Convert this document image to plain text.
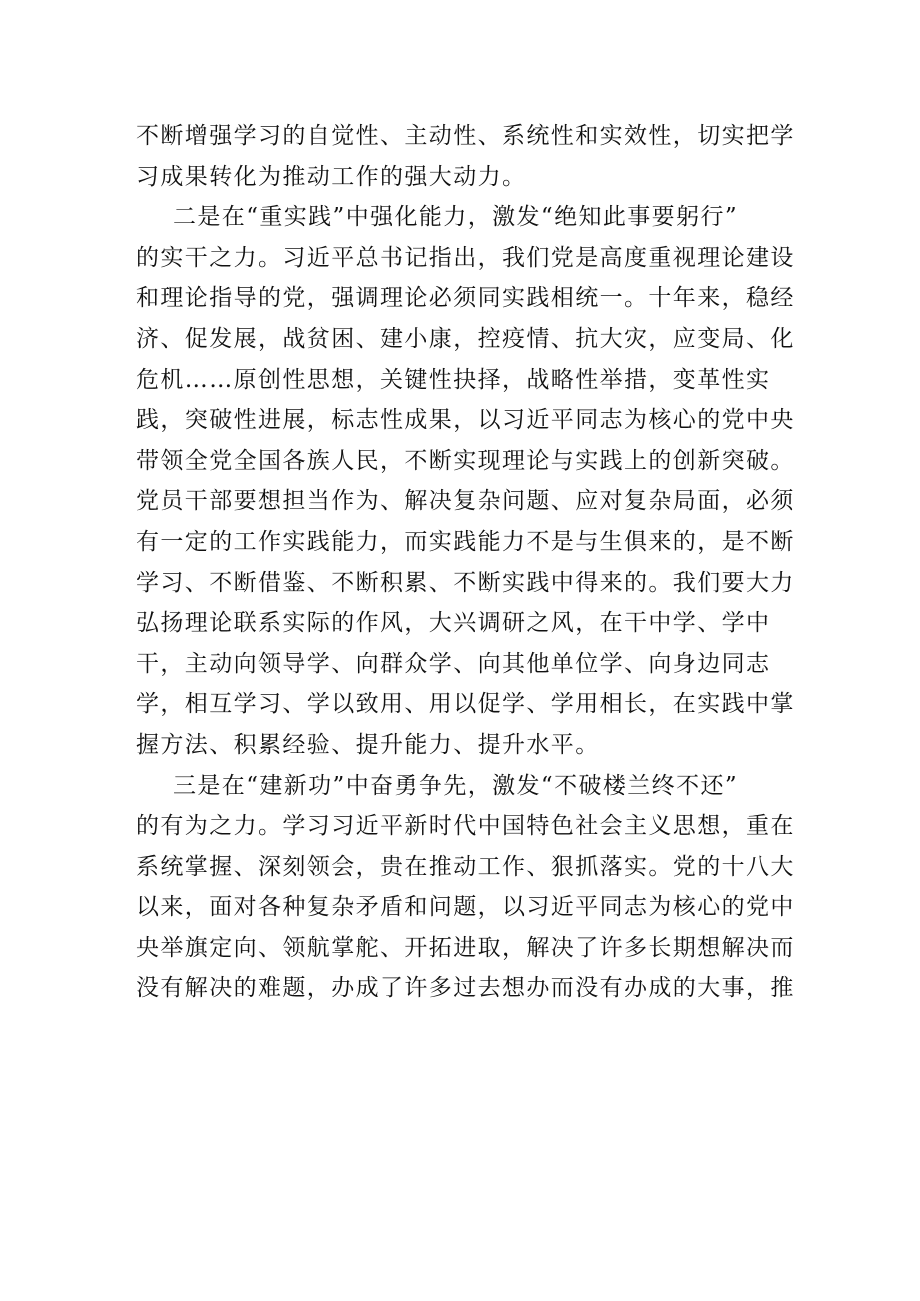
不断增强学习的自觉性、主动性、系统性和实效性，切实把学
习成果转化为推动工作的强大动力。
二是在“重实践”中强化能力，激发“绝知此事要躬行”
的实干之力。习近平总书记指出，我们党是高度重视理论建设
和理论指导的党，强调理论必须同实践相统一。十年来，稳经
济、促发展，战贫困、建小康，控疫情、抗大灾，应变局、化
危机……原创性思想，关键性抉择，战略性举措，变革性实
践，突破性进展，标志性成果，以习近平同志为核心的党中央
带领全党全国各族人民，不断实现理论与实践上的创新突破。
党员干部要想担当作为、解决复杂问题、应对复杂局面，必须
有一定的工作实践能力，而实践能力不是与生俱来的，是不断
学习、不断借鉴、不断积累、不断实践中得来的。我们要大力
弘扬理论联系实际的作风，大兴调研之风，在干中学、学中
干，主动向领导学、向群众学、向其他单位学、向身边同志
学，相互学习、学以致用、用以促学、学用相长，在实践中掌
握方法、积累经验、提升能力、提升水平。
三是在“建新功”中奋勇争先，激发“不破楼兰终不还”
的有为之力。学习习近平新时代中国特色社会主义思想，重在
系统掌握、深刻领会，贵在推动工作、狠抓落实。党的十八大
以来，面对各种复杂矛盾和问题，以习近平同志为核心的党中
央举旗定向、领航掌舵、开拓进取，解决了许多长期想解决而
没有解决的难题，办成了许多过去想办而没有办成的大事，推
